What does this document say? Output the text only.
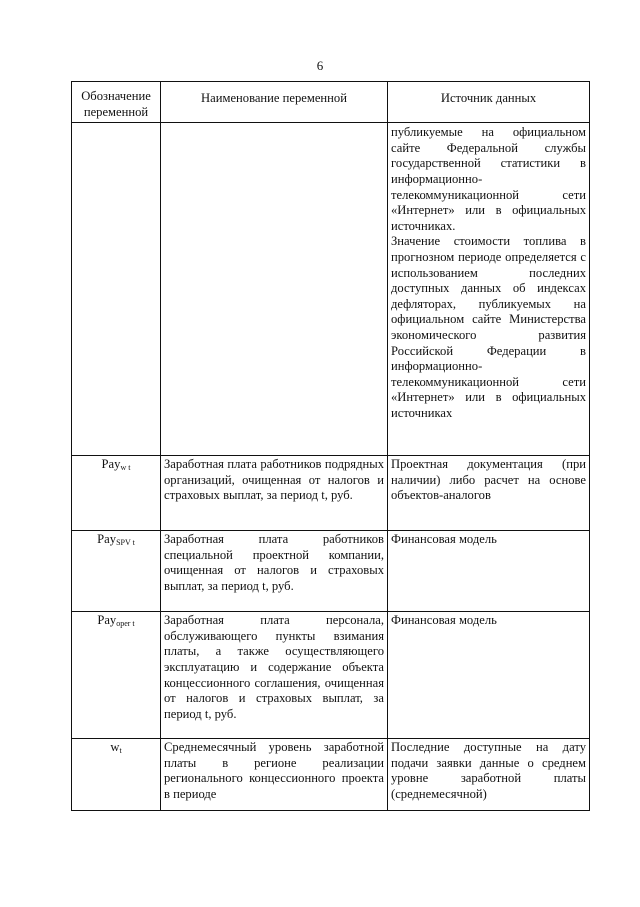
6
Обозначение переменной	Наименование переменной	Источник данных

		публикуемые на официальном сайте Федеральной службы государственной статистики в информационно-телекоммуникационной сети «Интернет» или в официальных источниках.
Значение стоимости топлива в прогнозном периоде определяется с использованием последних доступных данных об индексах дефляторах, публикуемых на официальном сайте Министерства экономического развития Российской Федерации в информационно-телекоммуникационной сети «Интернет» или в официальных источниках

Pay$_{w t}$	Заработная плата работников подрядных организаций, очищенная от налогов и страховых выплат, за период t, руб.	Проектная документация (при наличии) либо расчет на основе объектов-аналогов
Pay$_{SPV t}$	Заработная плата работников специальной проектной компании, очищенная от налогов и страховых выплат, за период t, руб.	Финансовая модель
Pay$_{oper t}$	Заработная плата персонала, обслуживающего пункты взимания платы, а также осуществляющего эксплуатацию и содержание объекта концессионного соглашения, очищенная от налогов и страховых выплат, за период t, руб.	Финансовая модель
$w_t$	Среднемесячный уровень заработной платы в регионе реализации регионального концессионного проекта в периоде	Последние доступные на дату подачи заявки данные о среднем уровне заработной платы (среднемесячной)
